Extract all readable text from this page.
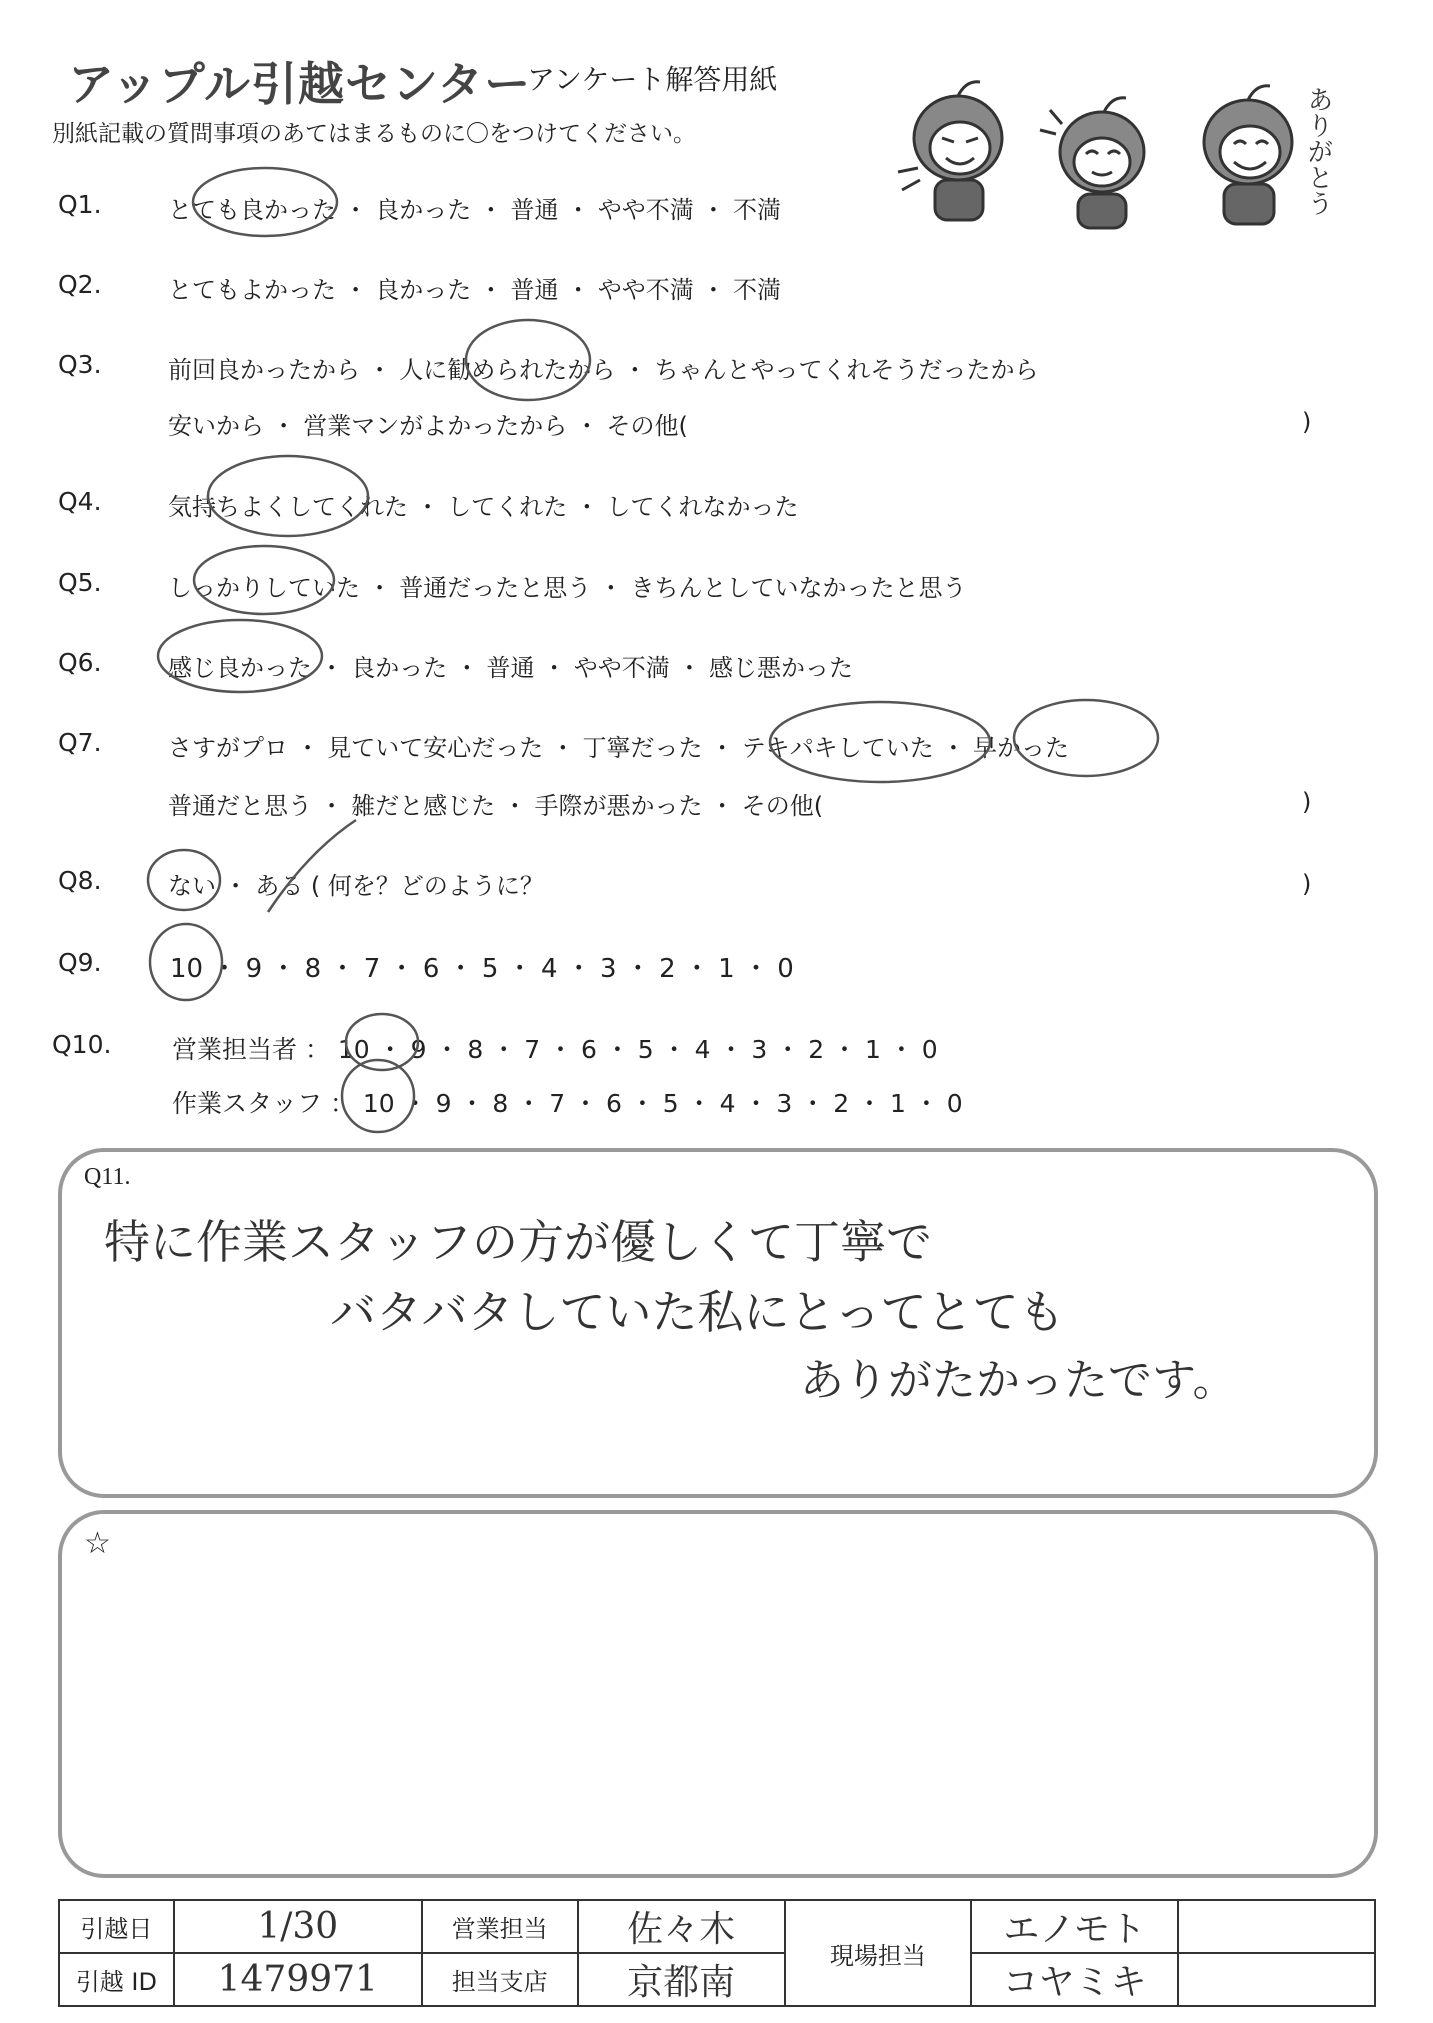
アップル引越センター
アンケート解答用紙
別紙記載の質問事項のあてはまるものに〇をつけてください。	ありがとう
Q1.	とても良かった ・ 良かった ・ 普通 ・ やや不満 ・ 不満
Q2.	とてもよかった ・ 良かった ・ 普通 ・ やや不満 ・ 不満
Q3.	前回良かったから ・ 人に勧められたから ・ ちゃんとやってくれそうだったから
安いから ・ 営業マンがよかったから ・ その他(	)
Q4.	気持ちよくしてくれた ・ してくれた ・ してくれなかった
Q5.	しっかりしていた ・ 普通だったと思う ・ きちんとしていなかったと思う
Q6.	感じ良かった ・ 良かった ・ 普通 ・ やや不満 ・ 感じ悪かった
Q7.	さすがプロ ・ 見ていて安心だった ・ 丁寧だった ・ テキパキしていた ・ 早かった
普通だと思う ・ 雑だと感じた ・ 手際が悪かった ・ その他(	)
Q8.	ない ・ ある ( 何を？どのように？	)
Q9.	10 ・ 9 ・ 8 ・ 7 ・ 6 ・ 5 ・ 4 ・ 3 ・ 2 ・ 1 ・ 0
Q10. 営業担当者 ： 10 ・ 9 ・ 8 ・ 7 ・ 6 ・ 5 ・ 4 ・ 3 ・ 2 ・ 1 ・ 0
作業スタッフ ： 10 ・ 9 ・ 8 ・ 7 ・ 6 ・ 5 ・ 4 ・ 3 ・ 2 ・ 1 ・ 0
Q11.
特に作業スタッフの方が優しくて丁寧で
バタバタしていた私にとってとても
ありがたかったです。
☆
引越日	1/30	営業担当	佐々木	現場担当	エノモト	
引越 ID	1479971	担当支店	京都南		コヤミキ	
